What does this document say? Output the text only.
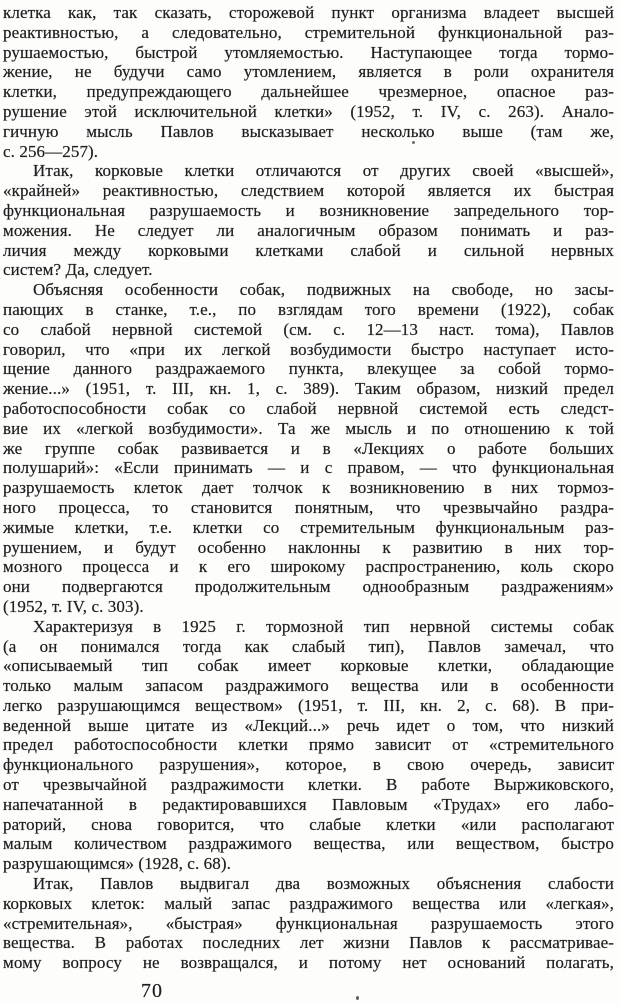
клетка как, так сказать, сторожевой пункт организма владеет высшей
реактивностью, а следовательно, стремительной функциональной раз-
рушаемостью, быстрой утомляемостью. Наступающее тогда тормо-
жение, не будучи само утомлением, является в роли охранителя
клетки, предупреждающего дальнейшее чрезмерное, опасное раз-
рушение этой исключительной клетки» (1952, т. IV, с. 263). Анало-
гичную мысль Павлов высказывает несколько выше (там же,
с. 256—257).
Итак, корковые клетки отличаются от других своей «высшей»,
«крайней» реактивностью, следствием которой является их быстрая
функциональная разрушаемость и возникновение запредельного тор-
можения. Не следует ли аналогичным образом понимать и раз-
личия между корковыми клетками слабой и сильной нервных
систем? Да, следует.
Объясняя особенности собак, подвижных на свободе, но засы-
пающих в станке, т.е., по взглядам того времени (1922), собак
со слабой нервной системой (см. с. 12—13 наст. тома), Павлов
говорил, что «при их легкой возбудимости быстро наступает исто-
щение данного раздражаемого пункта, влекущее за собой тормо-
жение...» (1951, т. III, кн. 1, с. 389). Таким образом, низкий предел
работоспособности собак со слабой нервной системой есть следст-
вие их «легкой возбудимости». Та же мысль и по отношению к той
же группе собак развивается и в «Лекциях о работе больших
полушарий»: «Если принимать — и с правом, — что функциональная
разрушаемость клеток дает толчок к возникновению в них тормоз-
ного процесса, то становится понятным, что чрезвычайно раздра-
жимые клетки, т.е. клетки со стремительным функциональным раз-
рушением, и будут особенно наклонны к развитию в них тор-
мозного процесса и к его широкому распространению, коль скоро
они подвергаются продолжительным однообразным раздражениям»
(1952, т. IV, с. 303).
Характеризуя в 1925 г. тормозной тип нервной системы собак
(а он понимался тогда как слабый тип), Павлов замечал, что
«описываемый тип собак имеет корковые клетки, обладающие
только малым запасом раздражимого вещества или в особенности
легко разрушающимся веществом» (1951, т. III, кн. 2, с. 68). В при-
веденной выше цитате из «Лекций...» речь идет о том, что низкий
предел работоспособности клетки прямо зависит от «стремительного
функционального разрушения», которое, в свою очередь, зависит
от чрезвычайной раздражимости клетки. В работе Выржиковского,
напечатанной в редактировавшихся Павловым «Трудах» его лабо-
раторий, снова говорится, что слабые клетки «или располагают
малым количеством раздражимого вещества, или веществом, быстро
разрушающимся» (1928, с. 68).
Итак, Павлов выдвигал два возможных объяснения слабости
корковых клеток: малый запас раздражимого вещества или «легкая»,
«стремительная», «быстрая» функциональная разрушаемость этого
вещества. В работах последних лет жизни Павлов к рассматривае-
мому вопросу не возвращался, и потому нет оснований полагать,
70
